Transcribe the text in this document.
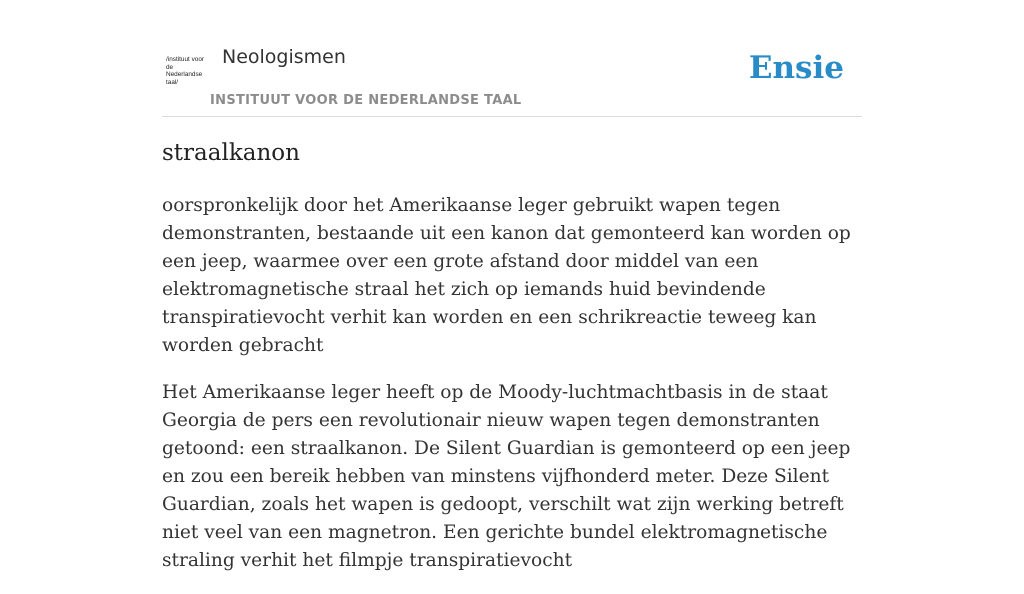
/instituut voor de Nederlandse taal/
Neologismen
INSTITUUT VOOR DE NEDERLANDSE TAAL
Ensie
straalkanon

oorspronkelijk door het Amerikaanse leger gebruikt wapen tegen demonstranten, bestaande uit een kanon dat gemonteerd kan worden op een jeep, waarmee over een grote afstand door middel van een elektromagnetische straal het zich op iemands huid bevindende transpiratievocht verhit kan worden en een schrikreactie teweeg kan worden gebracht

Het Amerikaanse leger heeft op de Moody-luchtmachtbasis in de staat Georgia de pers een revolutionair nieuw wapen tegen demonstranten getoond: een straalkanon. De Silent Guardian is gemonteerd op een jeep en zou een bereik hebben van minstens vijfhonderd meter. Deze Silent Guardian, zoals het wapen is gedoopt, verschilt wat zijn werking betreft niet veel van een magnetron. Een gerichte bundel elektromagnetische straling verhit het filmpje transpiratievocht
